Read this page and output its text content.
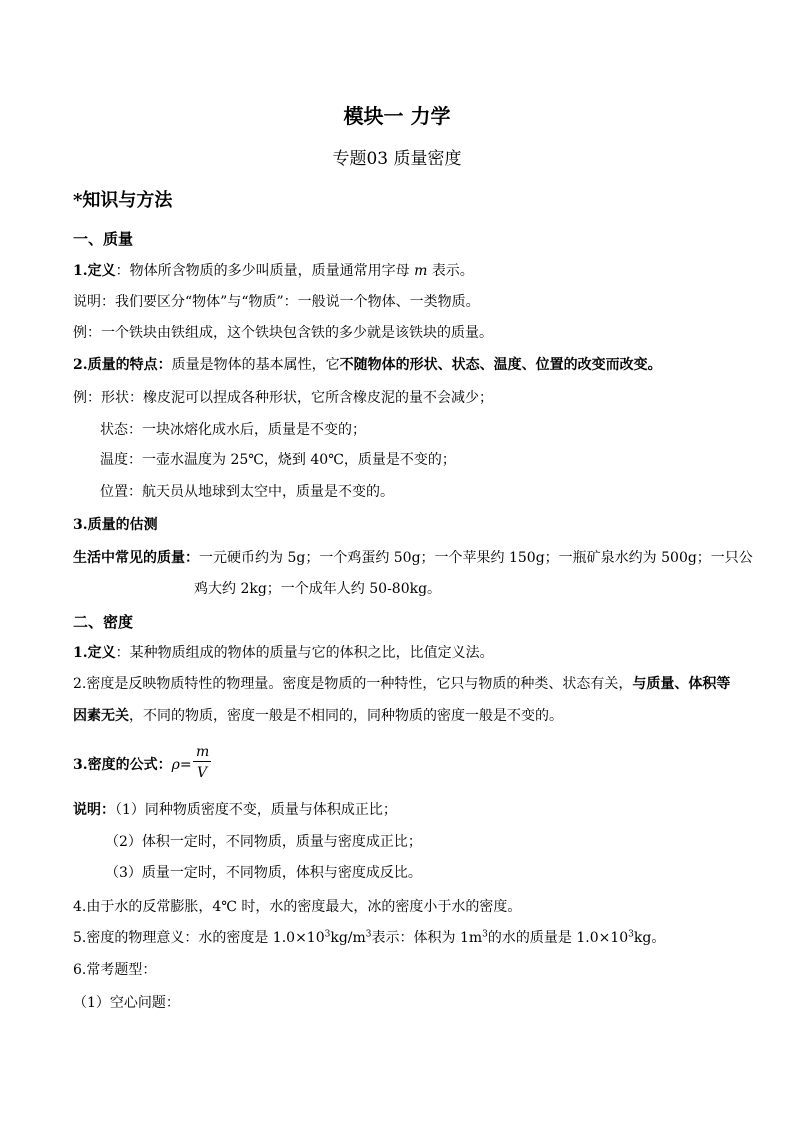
模块一 力学
专题03 质量密度
*知识与方法
一、质量
1.定义：物体所含物质的多少叫质量，质量通常用字母 m 表示。
说明：我们要区分“物体”与“物质”：一般说一个物体、一类物质。
例：一个铁块由铁组成，这个铁块包含铁的多少就是该铁块的质量。
2.质量的特点：质量是物体的基本属性，它不随物体的形状、状态、温度、位置的改变而改变。
例：形状：橡皮泥可以捏成各种形状，它所含橡皮泥的量不会减少；
状态：一块冰熔化成水后，质量是不变的；
温度：一壶水温度为 25℃，烧到 40℃，质量是不变的；
位置：航天员从地球到太空中，质量是不变的。
3.质量的估测
生活中常见的质量：一元硬币约为 5g；一个鸡蛋约 50g；一个苹果约 150g；一瓶矿泉水约为 500g；一只公
鸡大约 2kg；一个成年人约 50-80kg。
二、密度
1.定义：某种物质组成的物体的质量与它的体积之比，比值定义法。
2.密度是反映物质特性的物理量。密度是物质的一种特性，它只与物质的种类、状态有关，与质量、体积等
因素无关，不同的物质，密度一般是不相同的，同种物质的密度一般是不变的。
3.密度的公式：ρ=
m
V
说明：（1）同种物质密度不变，质量与体积成正比；
（2）体积一定时，不同物质，质量与密度成正比；
（3）质量一定时，不同物质，体积与密度成反比。
4.由于水的反常膨胀，4℃ 时，水的密度最大，冰的密度小于水的密度。
5.密度的物理意义：水的密度是 $1.0\times 10^3kg/m^3$表示：体积为 $1m^3$的水的质量是 $1.0\times 10^3kg$。
6.常考题型：
（1）空心问题：
